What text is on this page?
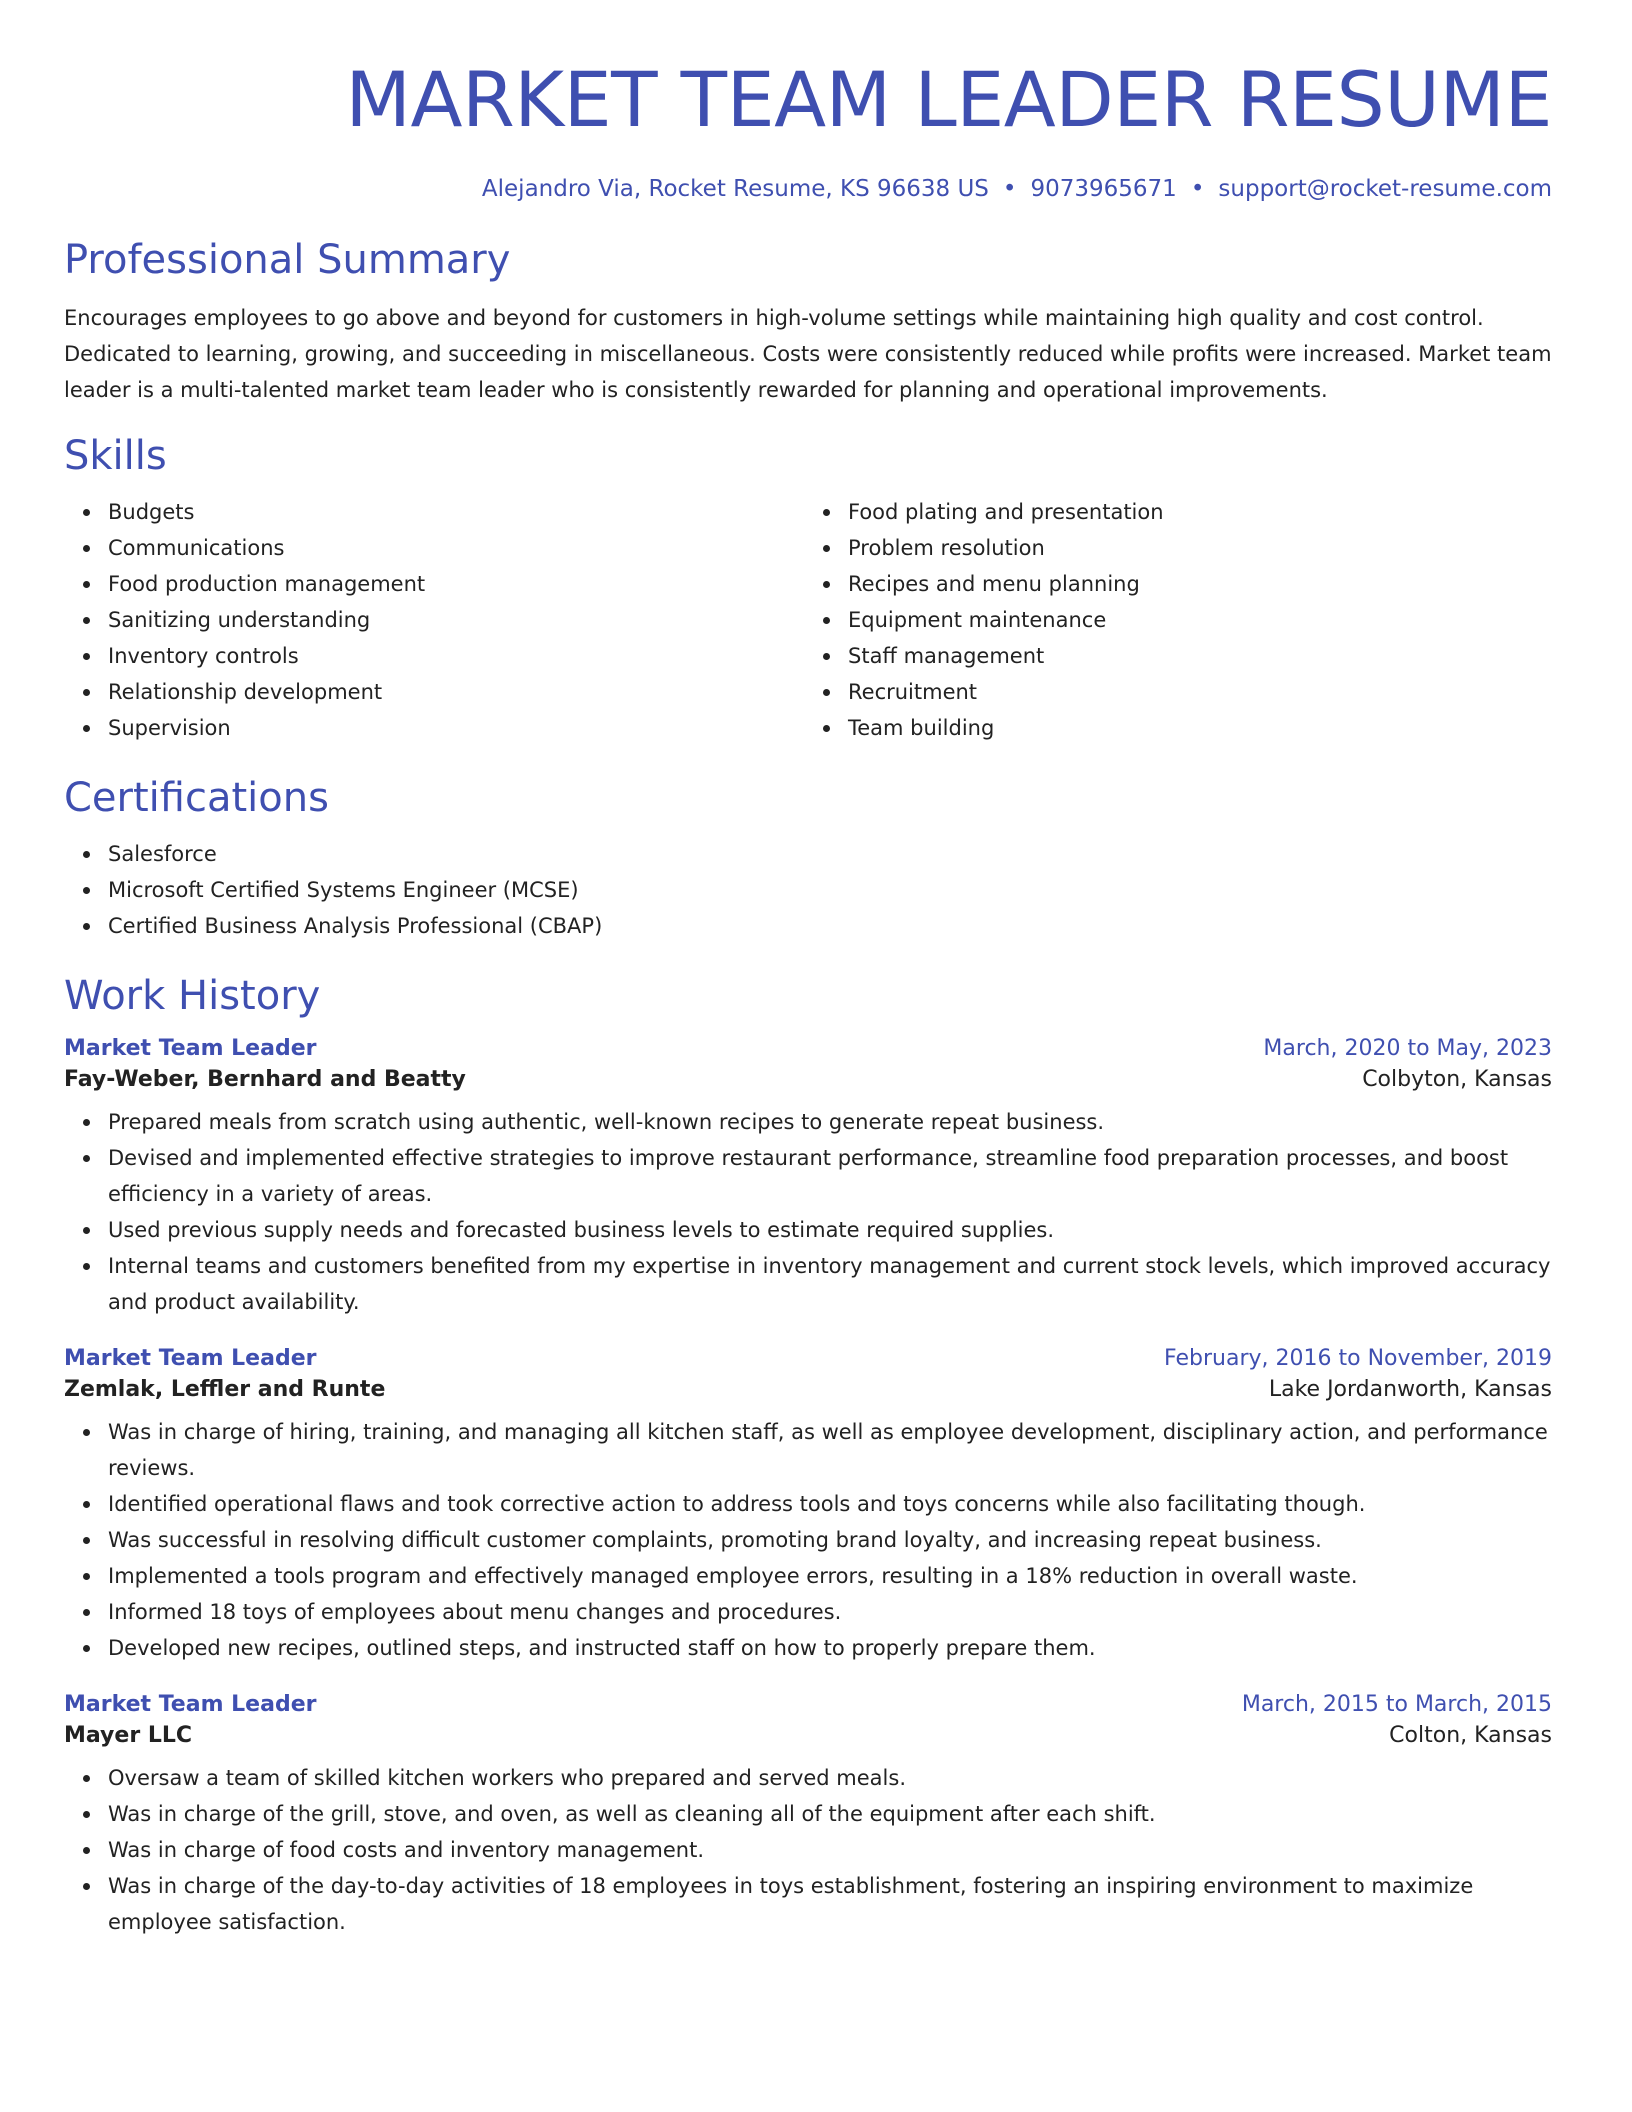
MARKET TEAM LEADER RESUME
Alejandro Via, Rocket Resume, KS 96638 US • 9073965671 • support@rocket-resume.com
Professional Summary

Encourages employees to go above and beyond for customers in high-volume settings while maintaining high quality and cost control. Dedicated to learning, growing, and succeeding in miscellaneous. Costs were consistently reduced while profits were increased. Market team leader is a multi-talented market team leader who is consistently rewarded for planning and operational improvements.

Skills
Budgets
Communications
Food production management
Sanitizing understanding
Inventory controls
Relationship development
Supervision
Food plating and presentation
Problem resolution
Recipes and menu planning
Equipment maintenance
Staff management
Recruitment
Team building
Certifications
Salesforce
Microsoft Certified Systems Engineer (MCSE)
Certified Business Analysis Professional (CBAP)
Work History
Market Team Leader	March, 2020 to May, 2023
Fay-Weber, Bernhard and Beatty	Colbyton, Kansas
Prepared meals from scratch using authentic, well-known recipes to generate repeat business.
Devised and implemented effective strategies to improve restaurant performance, streamline food preparation processes, and boost efficiency in a variety of areas.
Used previous supply needs and forecasted business levels to estimate required supplies.
Internal teams and customers benefited from my expertise in inventory management and current stock levels, which improved accuracy and product availability.
Market Team Leader	February, 2016 to November, 2019
Zemlak, Leffler and Runte	Lake Jordanworth, Kansas
Was in charge of hiring, training, and managing all kitchen staff, as well as employee development, disciplinary action, and performance reviews.
Identified operational flaws and took corrective action to address tools and toys concerns while also facilitating though.
Was successful in resolving difficult customer complaints, promoting brand loyalty, and increasing repeat business.
Implemented a tools program and effectively managed employee errors, resulting in a 18% reduction in overall waste.
Informed 18 toys of employees about menu changes and procedures.
Developed new recipes, outlined steps, and instructed staff on how to properly prepare them.
Market Team Leader	March, 2015 to March, 2015
Mayer LLC	Colton, Kansas
Oversaw a team of skilled kitchen workers who prepared and served meals.
Was in charge of the grill, stove, and oven, as well as cleaning all of the equipment after each shift.
Was in charge of food costs and inventory management.
Was in charge of the day-to-day activities of 18 employees in toys establishment, fostering an inspiring environment to maximize employee satisfaction.
